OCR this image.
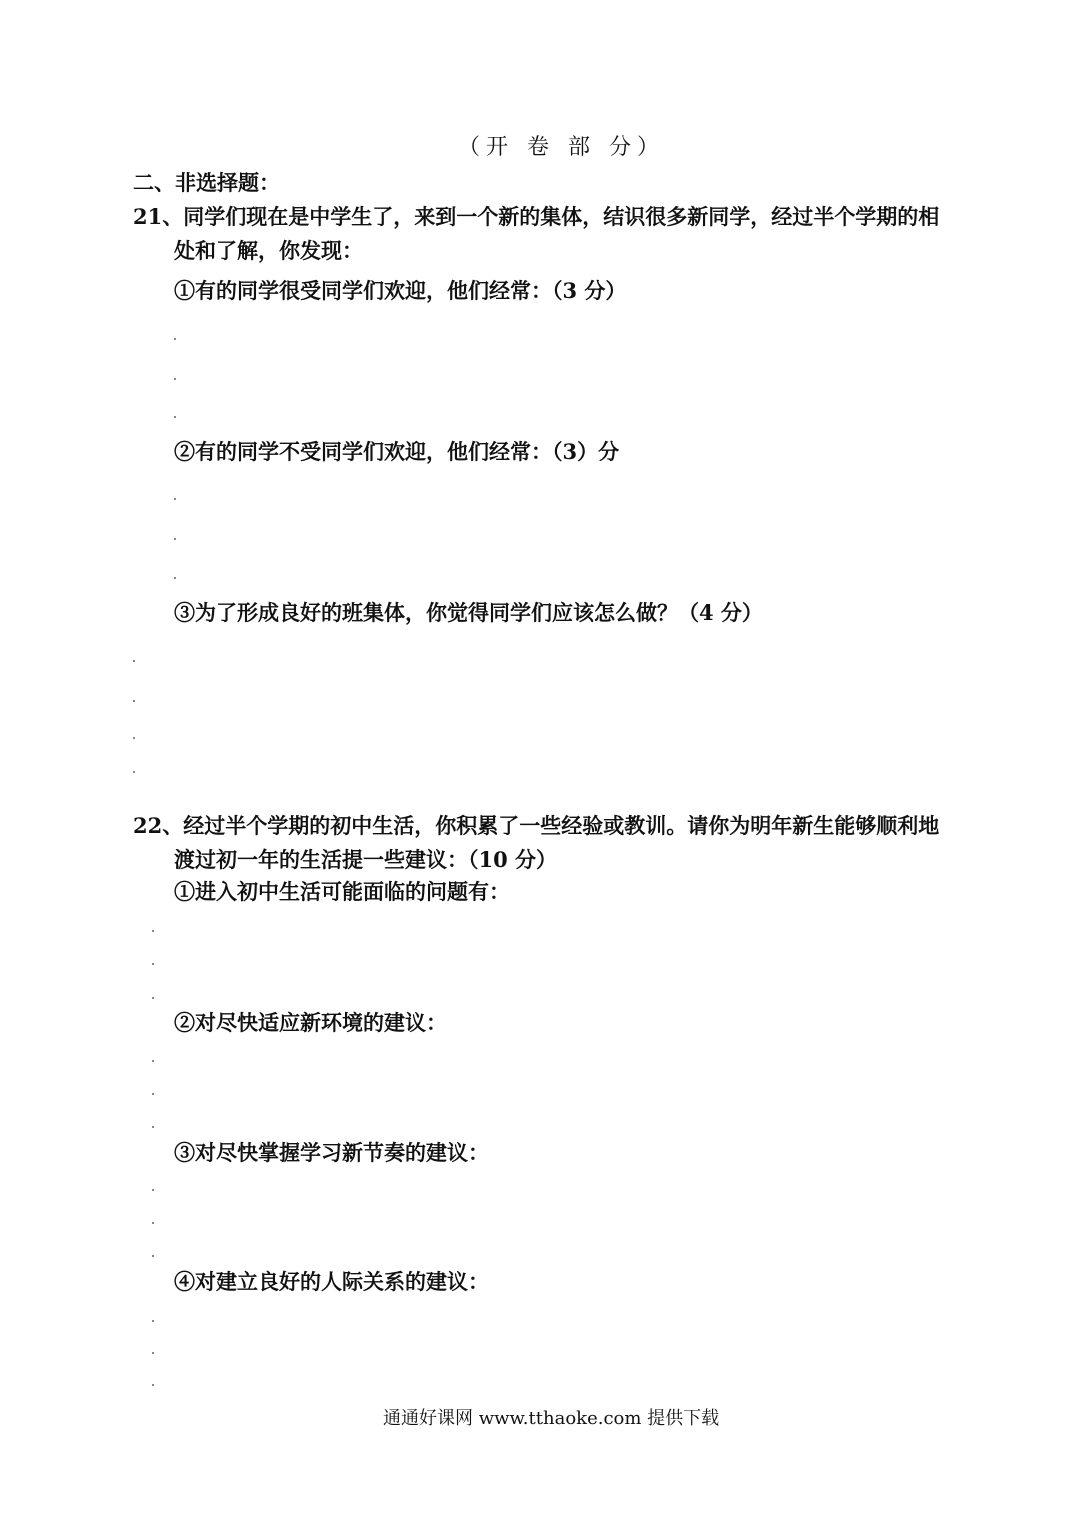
（开 卷 部 分）
二、非选择题：
21、同学们现在是中学生了，来到一个新的集体，结识很多新同学，经过半个学期的相
处和了解，你发现：
①有的同学很受同学们欢迎，他们经常：（3 分）
②有的同学不受同学们欢迎，他们经常：（3）分
③为了形成良好的班集体，你觉得同学们应该怎么做？（4 分）
22、经过半个学期的初中生活，你积累了一些经验或教训。请你为明年新生能够顺利地
渡过初一年的生活提一些建议：（10 分）
①进入初中生活可能面临的问题有：
②对尽快适应新环境的建议：
③对尽快掌握学习新节奏的建议：
④对建立良好的人际关系的建议：
通通好课网 www.tthaoke.com 提供下载
